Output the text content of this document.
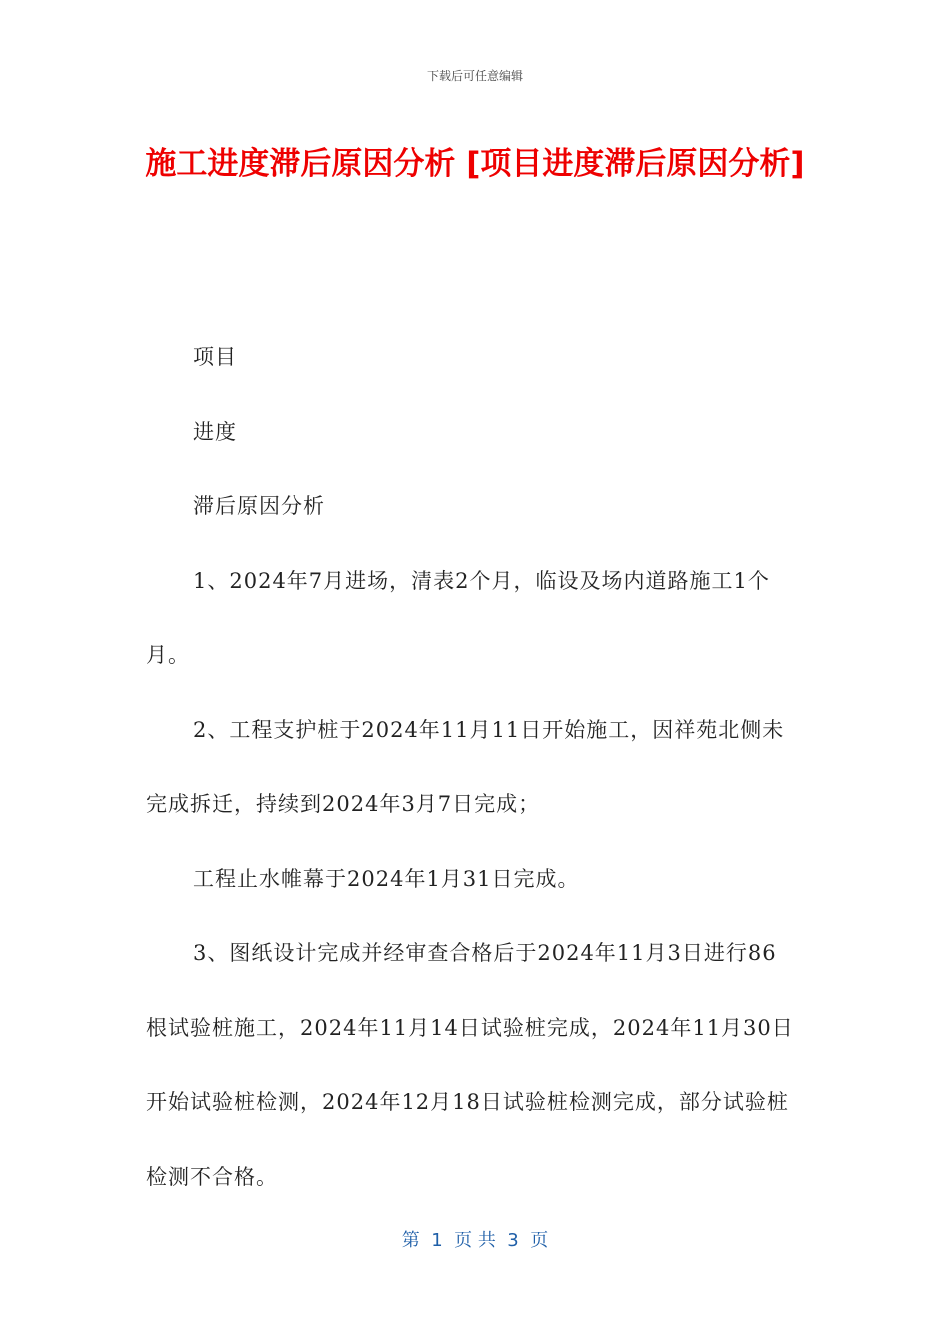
下载后可任意编辑
施工进度滞后原因分析 [项目进度滞后原因分析]

项目

进度

滞后原因分析

1、2024年7月进场，清表2个月，临设及场内道路施工1个月。

2、工程支护桩于2024年11月11日开始施工，因祥苑北侧未完成拆迁，持续到2024年3月7日完成；

工程止水帷幕于2024年1月31日完成。

3、图纸设计完成并经审查合格后于2024年11月3日进行86根试验桩施工，2024年11月14日试验桩完成，2024年11月30日开始试验桩检测，2024年12月18日试验桩检测完成，部分试验桩检测不合格。

第  1  页 共  3  页
